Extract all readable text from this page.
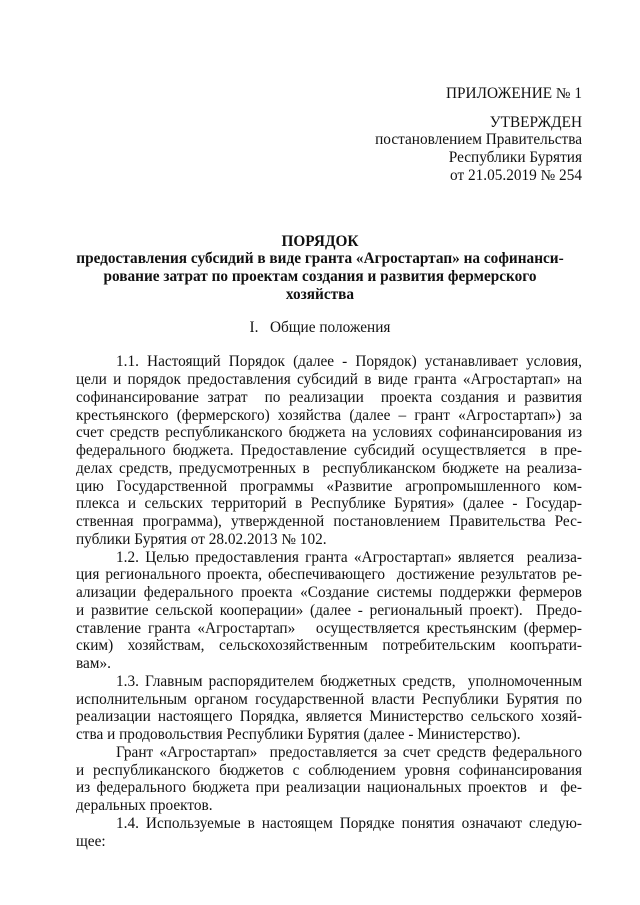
ПРИЛОЖЕНИЕ № 1
УТВЕРЖДЕН
постановлением Правительства
Республики Бурятия
от 21.05.2019 № 254
ПОРЯДОК
предоставления субсидий в виде гранта «Агростартап» на софинанси-
рование затрат по проектам создания и развития фермерского
хозяйства
I.   Общие положения
1.1. Настоящий Порядок (далее - Порядок) устанавливает условия,
цели и порядок предоставления субсидий в виде гранта «Агростартап» на
софинансирование затрат  по реализации  проекта создания и развития
крестьянского (фермерского) хозяйства (далее – грант «Агростартап») за
счет средств республиканского бюджета на условиях софинансирования из
федерального бюджета. Предоставление субсидий осуществляется  в пре-
делах средств, предусмотренных в  республиканском бюджете на реализа-
цию Государственной программы «Развитие агропромышленного ком-
плекса и сельских территорий в Республике Бурятия» (далее - Государ-
ственная программа), утвержденной постановлением Правительства Рес-
публики Бурятия от 28.02.2013 № 102.
1.2. Целью предоставления гранта «Агростартап» является  реализа-
ция регионального проекта, обеспечивающего  достижение результатов ре-
ализации федерального проекта «Создание системы поддержки фермеров
и развитие сельской кооперации» (далее - региональный проект).  Предо-
ставление гранта «Агростартап»   осуществляется крестьянским (фермер-
ским) хозяйствам, сельскохозяйственным потребительским коопърати-
вам».
1.3. Главным распорядителем бюджетных средств,  уполномоченным
исполнительным органом государственной власти Республики Бурятия по
реализации настоящего Порядка, является Министерство сельского хозяй-
ства и продовольствия Республики Бурятия (далее - Министерство).
Грант «Агростартап»  предоставляется за счет средств федерального
и республиканского бюджетов с соблюдением уровня софинансирования
из федерального бюджета при реализации национальных проектов  и  фе-
деральных проектов.
1.4. Используемые в настоящем Порядке понятия означают следую-
щее:
